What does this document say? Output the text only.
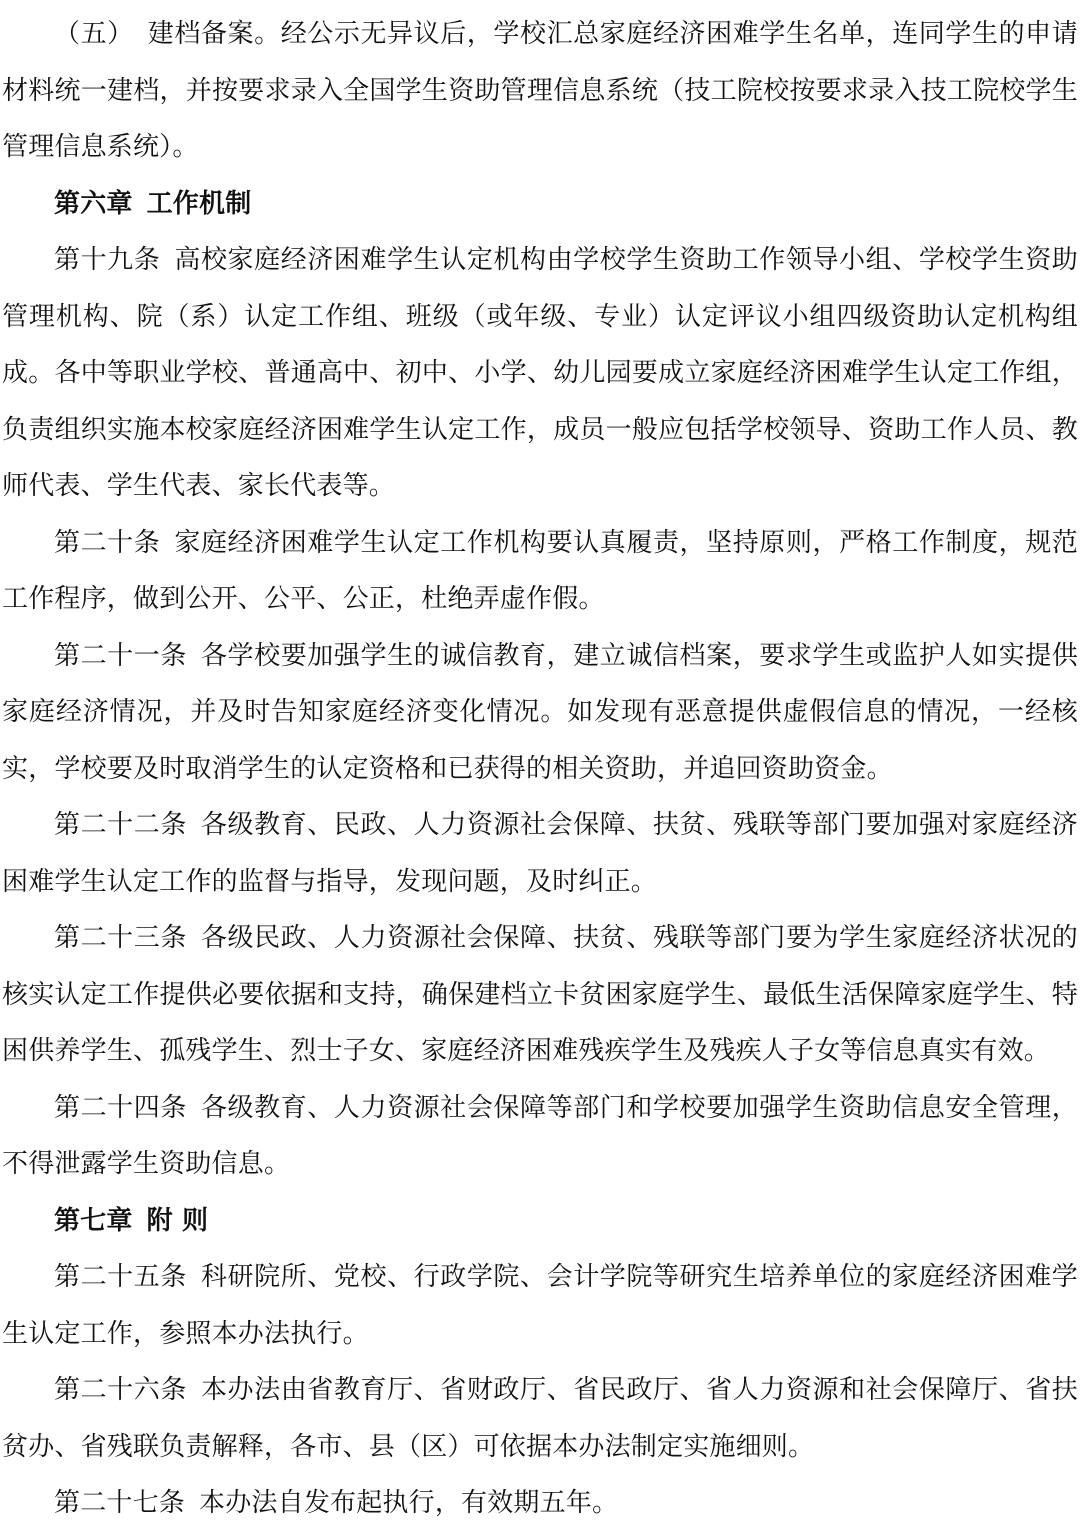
（五） 建档备案。经公示无异议后，学校汇总家庭经济困难学生名单，连同学生的申请材料统一建档，并按要求录入全国学生资助管理信息系统（技工院校按要求录入技工院校学生管理信息系统）。

第六章 工作机制

第十九条 高校家庭经济困难学生认定机构由学校学生资助工作领导小组、学校学生资助管理机构、院（系）认定工作组、班级（或年级、专业）认定评议小组四级资助认定机构组成。各中等职业学校、普通高中、初中、小学、幼儿园要成立家庭经济困难学生认定工作组，负责组织实施本校家庭经济困难学生认定工作，成员一般应包括学校领导、资助工作人员、教师代表、学生代表、家长代表等。

第二十条 家庭经济困难学生认定工作机构要认真履责，坚持原则，严格工作制度，规范工作程序，做到公开、公平、公正，杜绝弄虚作假。

第二十一条 各学校要加强学生的诚信教育，建立诚信档案，要求学生或监护人如实提供家庭经济情况，并及时告知家庭经济变化情况。如发现有恶意提供虚假信息的情况，一经核实，学校要及时取消学生的认定资格和已获得的相关资助，并追回资助资金。

第二十二条 各级教育、民政、人力资源社会保障、扶贫、残联等部门要加强对家庭经济困难学生认定工作的监督与指导，发现问题，及时纠正。

第二十三条 各级民政、人力资源社会保障、扶贫、残联等部门要为学生家庭经济状况的核实认定工作提供必要依据和支持，确保建档立卡贫困家庭学生、最低生活保障家庭学生、特困供养学生、孤残学生、烈士子女、家庭经济困难残疾学生及残疾人子女等信息真实有效。

第二十四条 各级教育、人力资源社会保障等部门和学校要加强学生资助信息安全管理，不得泄露学生资助信息。

第七章 附 则

第二十五条 科研院所、党校、行政学院、会计学院等研究生培养单位的家庭经济困难学生认定工作，参照本办法执行。

第二十六条 本办法由省教育厅、省财政厅、省民政厅、省人力资源和社会保障厅、省扶贫办、省残联负责解释，各市、县（区）可依据本办法制定实施细则。

第二十七条 本办法自发布起执行，有效期五年。
